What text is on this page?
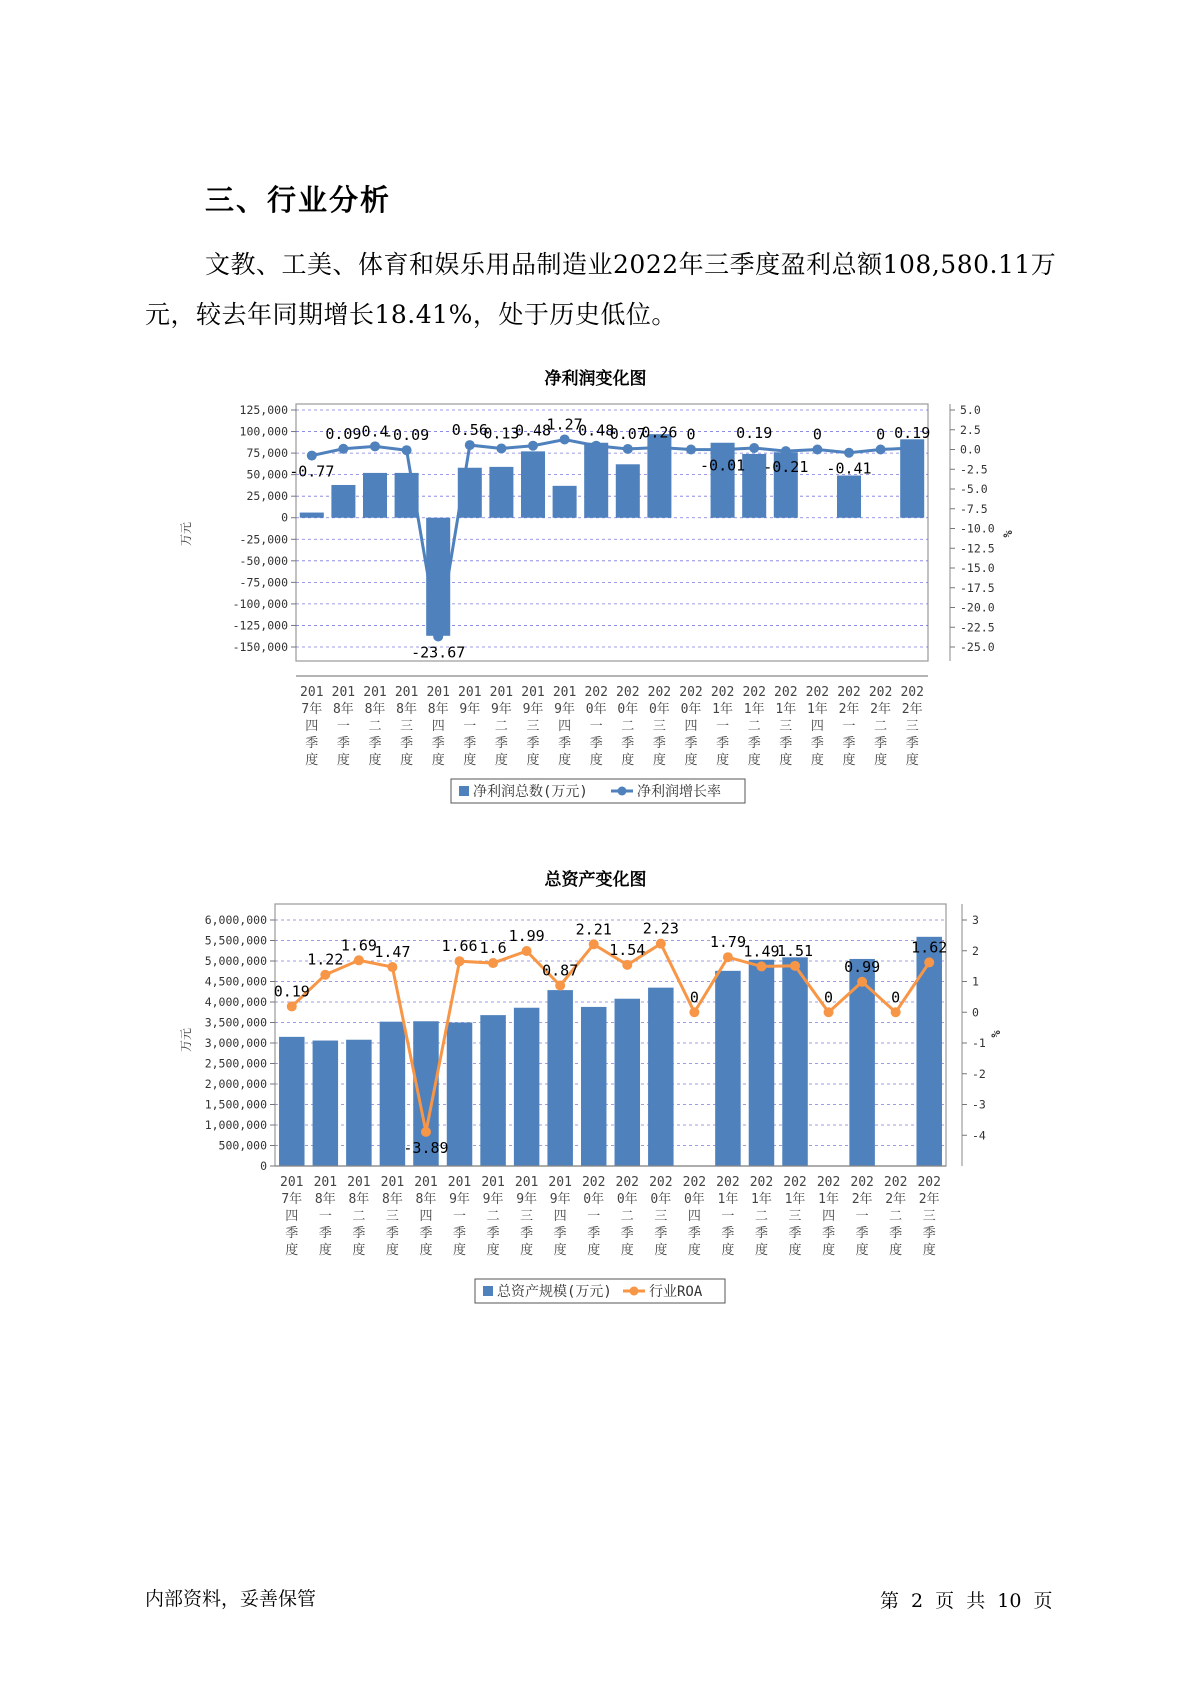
三、行业分析
文教、工美、体育和娱乐用品制造业2022年三季度盈利总额108,580.11万元，较去年同期增长18.41%，处于历史低位。
净利润变化图
125,000
100,000
75,000
50,000
25,000
0
-25,000
-50,000
-75,000
-100,000
-125,000
-150,000
5.0
2.5
0.0
-2.5
-5.0
-7.5
-10.0
-12.5
-15.0
-17.5
-20.0
-22.5
-25.0
万元	%
-0.77
0.09 0.4
-0.09
-23.67
0.56
0.13
0.48
1.27
0.48
0.07
0.26 0
-0.01
0.19
-0.21
0
-0.41
0 0.19
201
7年
四
季
度
201
8年
一
季
度
201
8年
二
季
度
201
8年
三
季
度
201
8年
四
季
度
201
9年
一
季
度
201
9年
二
季
度
201
9年
三
季
度
201
9年
四
季
度
202
0年
一
季
度
202
0年
二
季
度
202
0年
三
季
度
202
0年
四
季
度
202
1年
一
季
度
202
1年
二
季
度
202
1年
三
季
度
202
1年
四
季
度
202
2年
一
季
度
202
2年
二
季
度
202
2年
三
季
度
净利润总数(万元)	净利润增长率
总资产变化图
6,000,000
5,500,000
5,000,000
4,500,000
4,000,000
3,500,000
3,000,000
2,500,000
2,000,000
1,500,000
1,000,000
500,000
0
3
2
1
0
-1
-2
-3
-4
万元	%
0.19
1.22
1.69
1.47
-3.89
1.66 1.6
1.99
0.87
2.21
1.54
2.23
0
1.79
1.49
1.51
0
0.99
0
1.62
201
7年
四
季
度
201
8年
一
季
度
201
8年
二
季
度
201
8年
三
季
度
201
8年
四
季
度
201
9年
一
季
度
201
9年
二
季
度
201
9年
三
季
度
201
9年
四
季
度
202
0年
一
季
度
202
0年
二
季
度
202
0年
三
季
度
202
0年
四
季
度
202
1年
一
季
度
202
1年
二
季
度
202
1年
三
季
度
202
1年
四
季
度
202
2年
一
季
度
202
2年
二
季
度
202
2年
三
季
度
总资产规模(万元)	行业ROA
内部资料，妥善保管	第 2 页 共 10 页
